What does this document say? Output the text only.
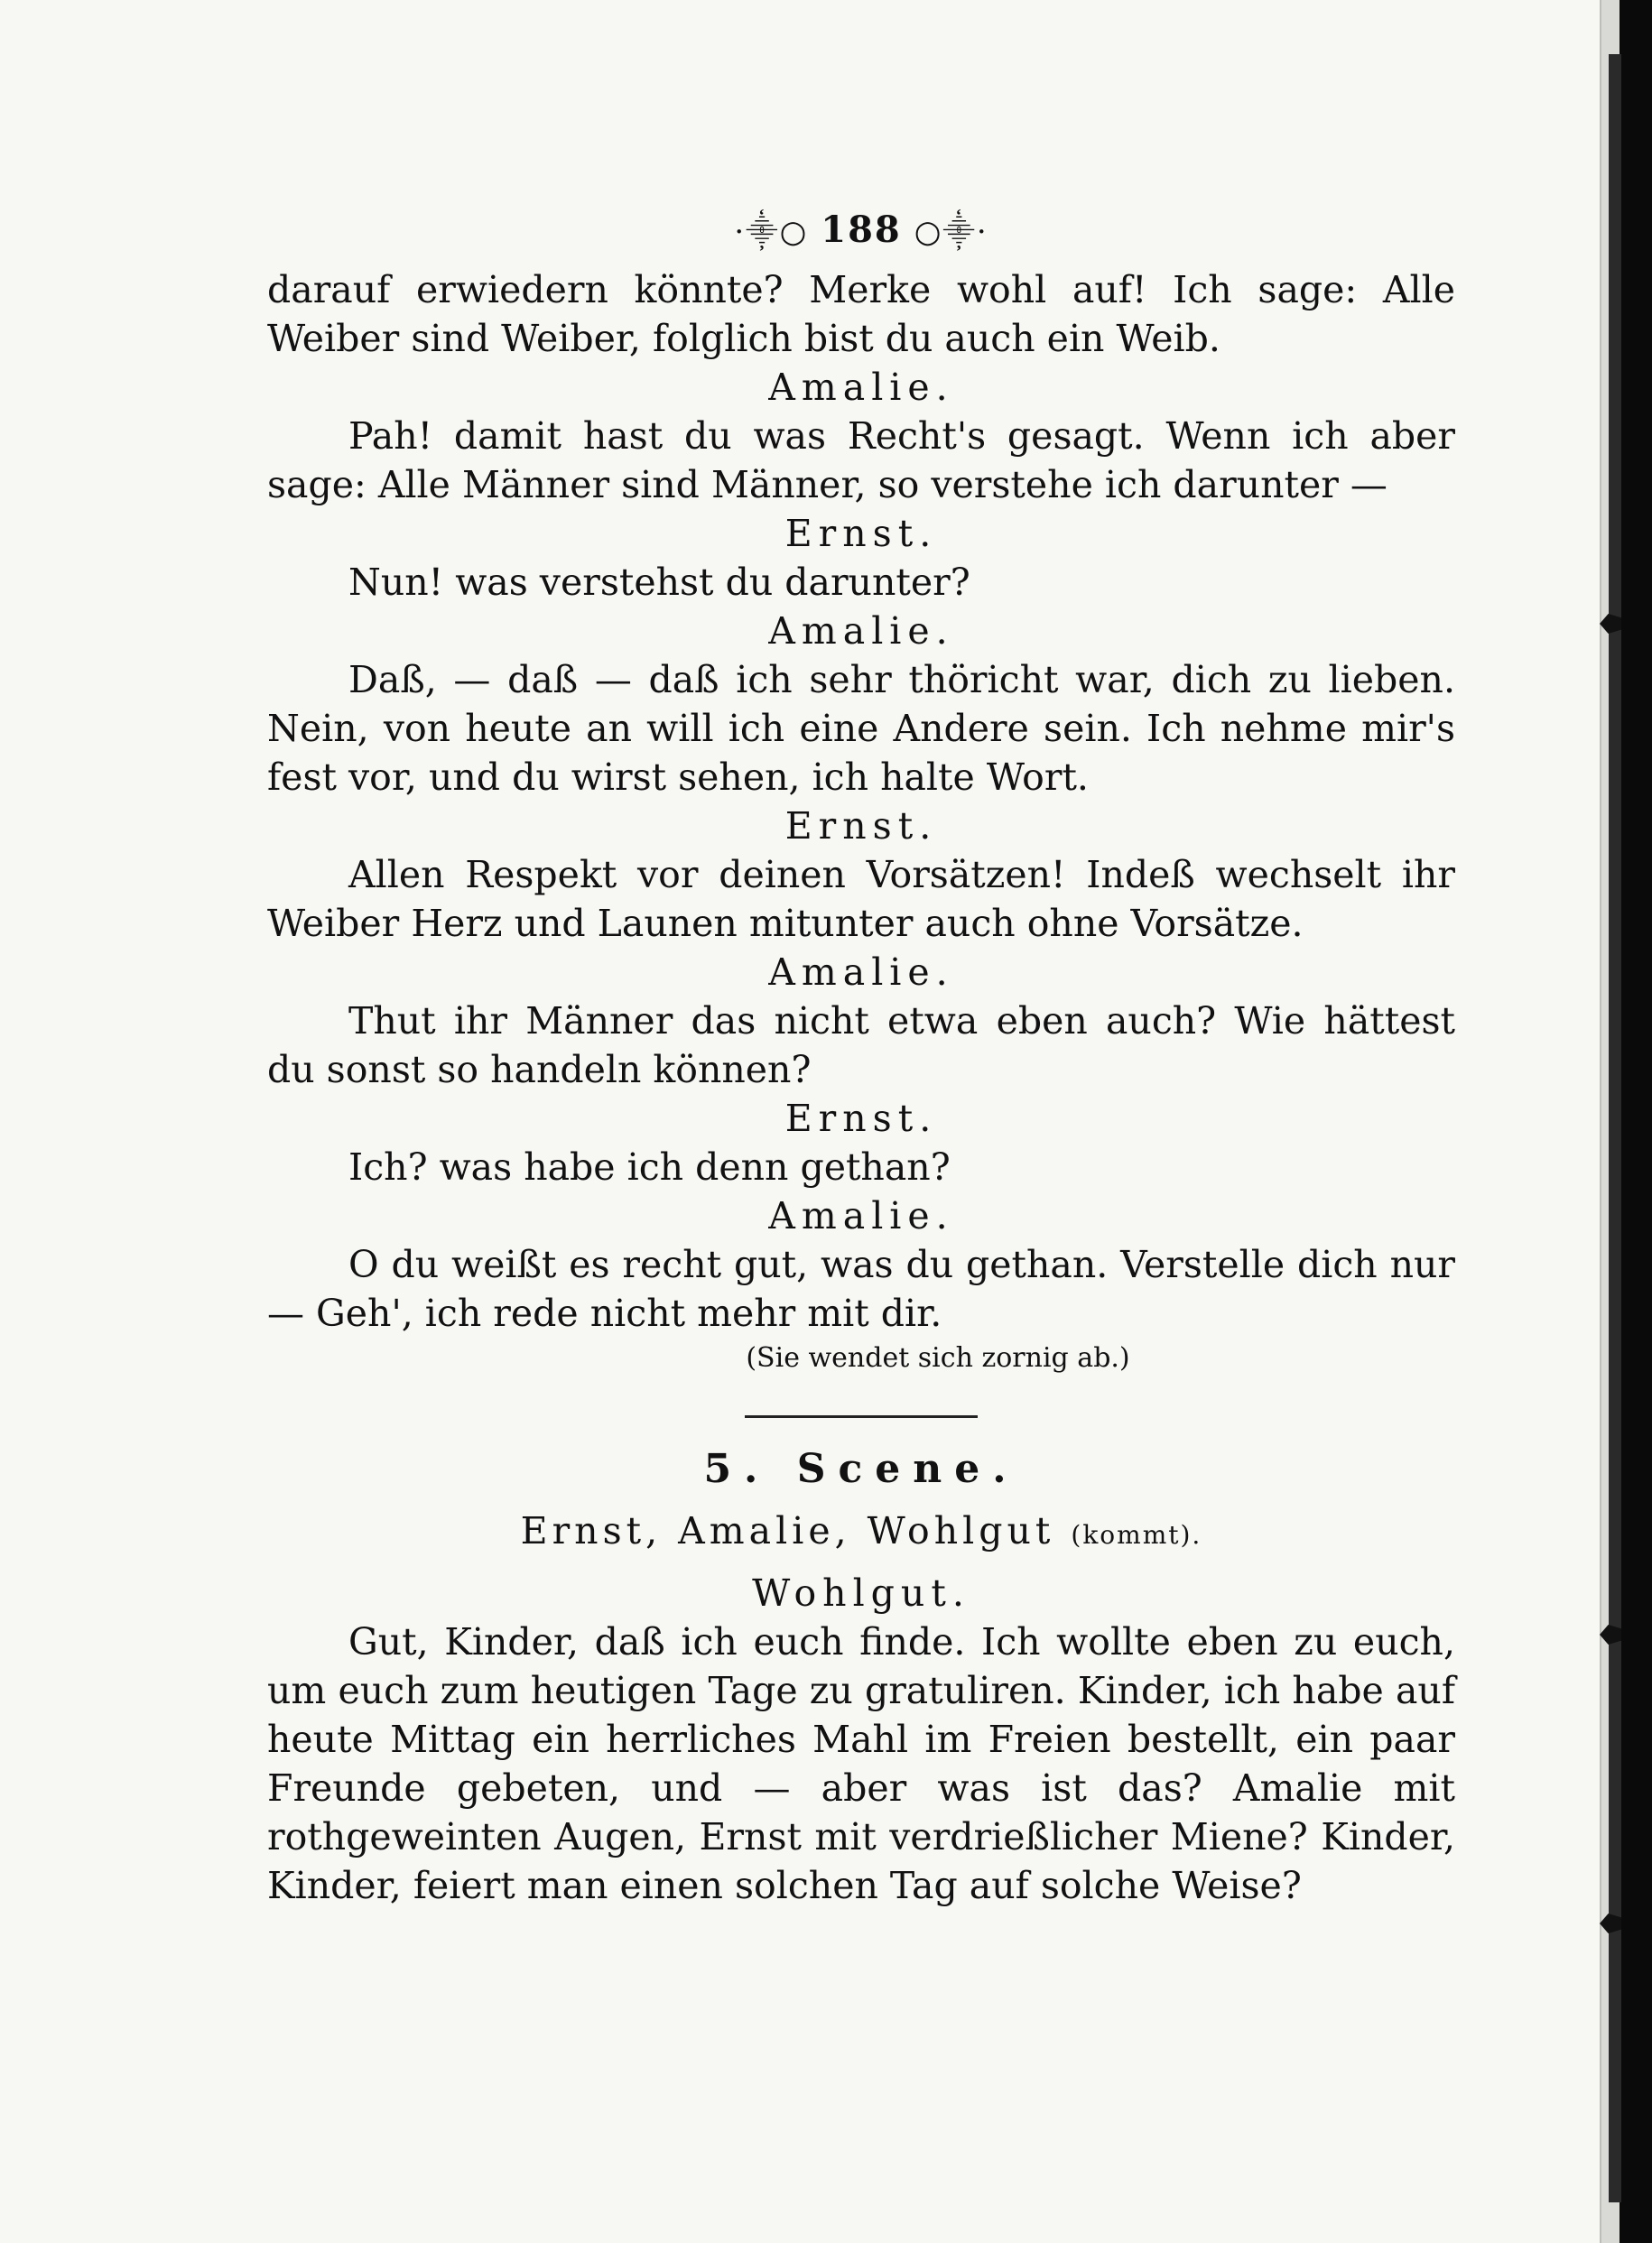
·⸎○ 188 ○⸎·

darauf erwiedern könnte? Merke wohl auf! Ich sage: Alle Weiber sind Weiber, folglich bist du auch ein Weib.

Amalie.

Pah! damit hast du was Recht's gesagt. Wenn ich aber sage: Alle Männer sind Männer, so verstehe ich darunter —

Ernst.

Nun! was verstehst du darunter?

Amalie.

Daß, — daß — daß ich sehr thöricht war, dich zu lieben. Nein, von heute an will ich eine Andere sein. Ich nehme mir's fest vor, und du wirst sehen, ich halte Wort.

Ernst.

Allen Respekt vor deinen Vorsätzen! Indeß wechselt ihr Weiber Herz und Launen mitunter auch ohne Vorsätze.

Amalie.

Thut ihr Männer das nicht etwa eben auch? Wie hättest du sonst so handeln können?

Ernst.

Ich? was habe ich denn gethan?

Amalie.

O du weißt es recht gut, was du gethan. Verstelle dich nur — Geh', ich rede nicht mehr mit dir.

(Sie wendet sich zornig ab.)

5. Scene.
Ernst, Amalie, Wohlgut (kommt).

Wohlgut.

Gut, Kinder, daß ich euch finde. Ich wollte eben zu euch, um euch zum heutigen Tage zu gratuliren. Kinder, ich habe auf heute Mittag ein herrliches Mahl im Freien bestellt, ein paar Freunde gebeten, und — aber was ist das? Amalie mit rothgeweinten Augen, Ernst mit verdrießlicher Miene? Kinder, Kinder, feiert man einen solchen Tag auf solche Weise?
